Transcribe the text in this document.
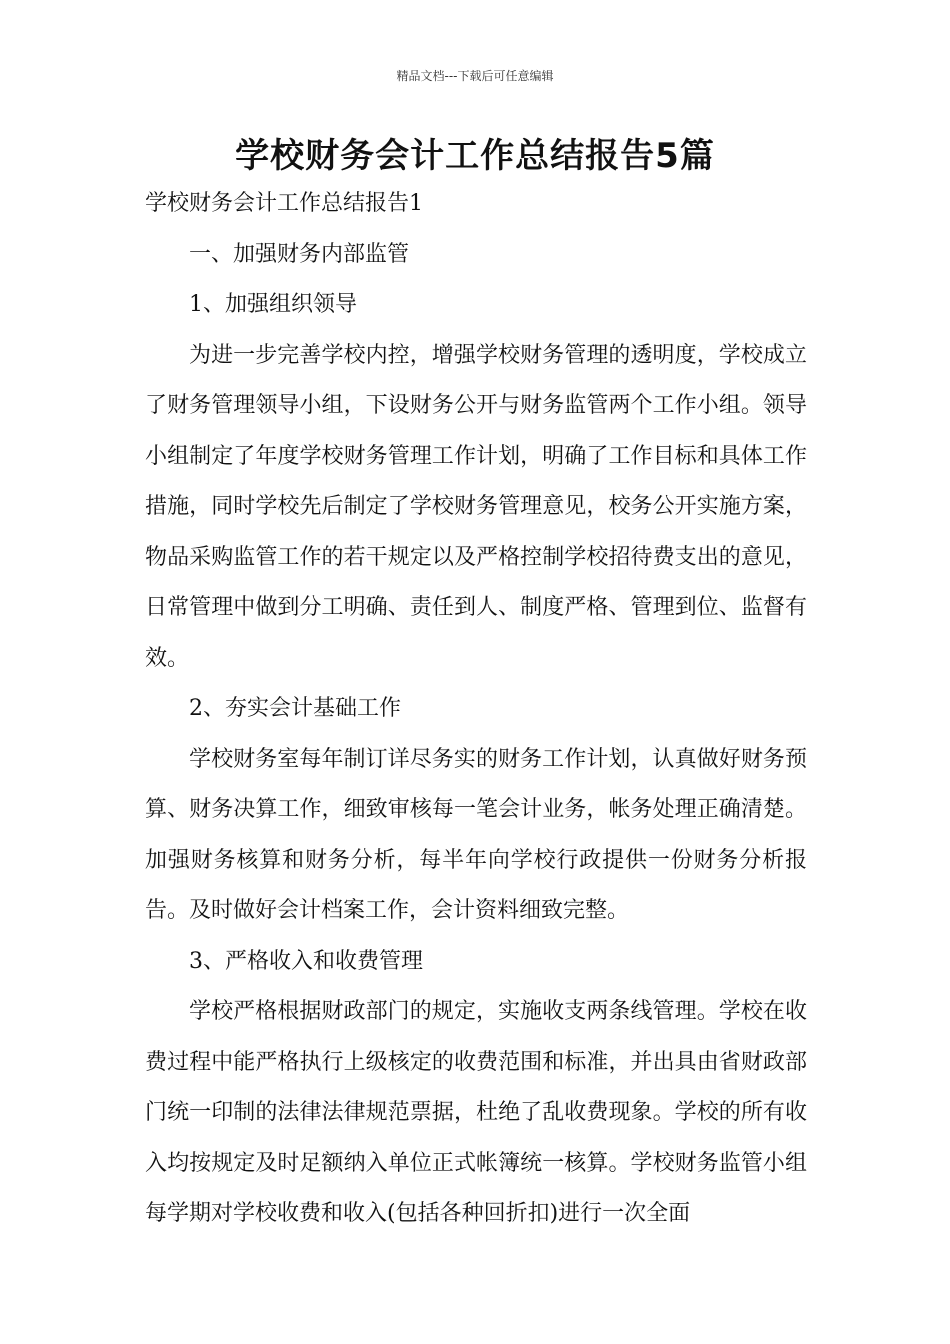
精品文档---下载后可任意编辑
学校财务会计工作总结报告5篇

学校财务会计工作总结报告1

一、加强财务内部监管

1、加强组织领导

为进一步完善学校内控，增强学校财务管理的透明度，学校成立了财务管理领导小组，下设财务公开与财务监管两个工作小组。领导小组制定了年度学校财务管理工作计划，明确了工作目标和具体工作措施，同时学校先后制定了学校财务管理意见，校务公开实施方案，物品采购监管工作的若干规定以及严格控制学校招待费支出的意见，日常管理中做到分工明确、责任到人、制度严格、管理到位、监督有效。

2、夯实会计基础工作

学校财务室每年制订详尽务实的财务工作计划，认真做好财务预算、财务决算工作，细致审核每一笔会计业务，帐务处理正确清楚。加强财务核算和财务分析，每半年向学校行政提供一份财务分析报告。及时做好会计档案工作，会计资料细致完整。

3、严格收入和收费管理

学校严格根据财政部门的规定，实施收支两条线管理。学校在收费过程中能严格执行上级核定的收费范围和标准，并出具由省财政部门统一印制的法律法律规范票据，杜绝了乱收费现象。学校的所有收入均按规定及时足额纳入单位正式帐簿统一核算。学校财务监管小组每学期对学校收费和收入(包括各种回折扣)进行一次全面
